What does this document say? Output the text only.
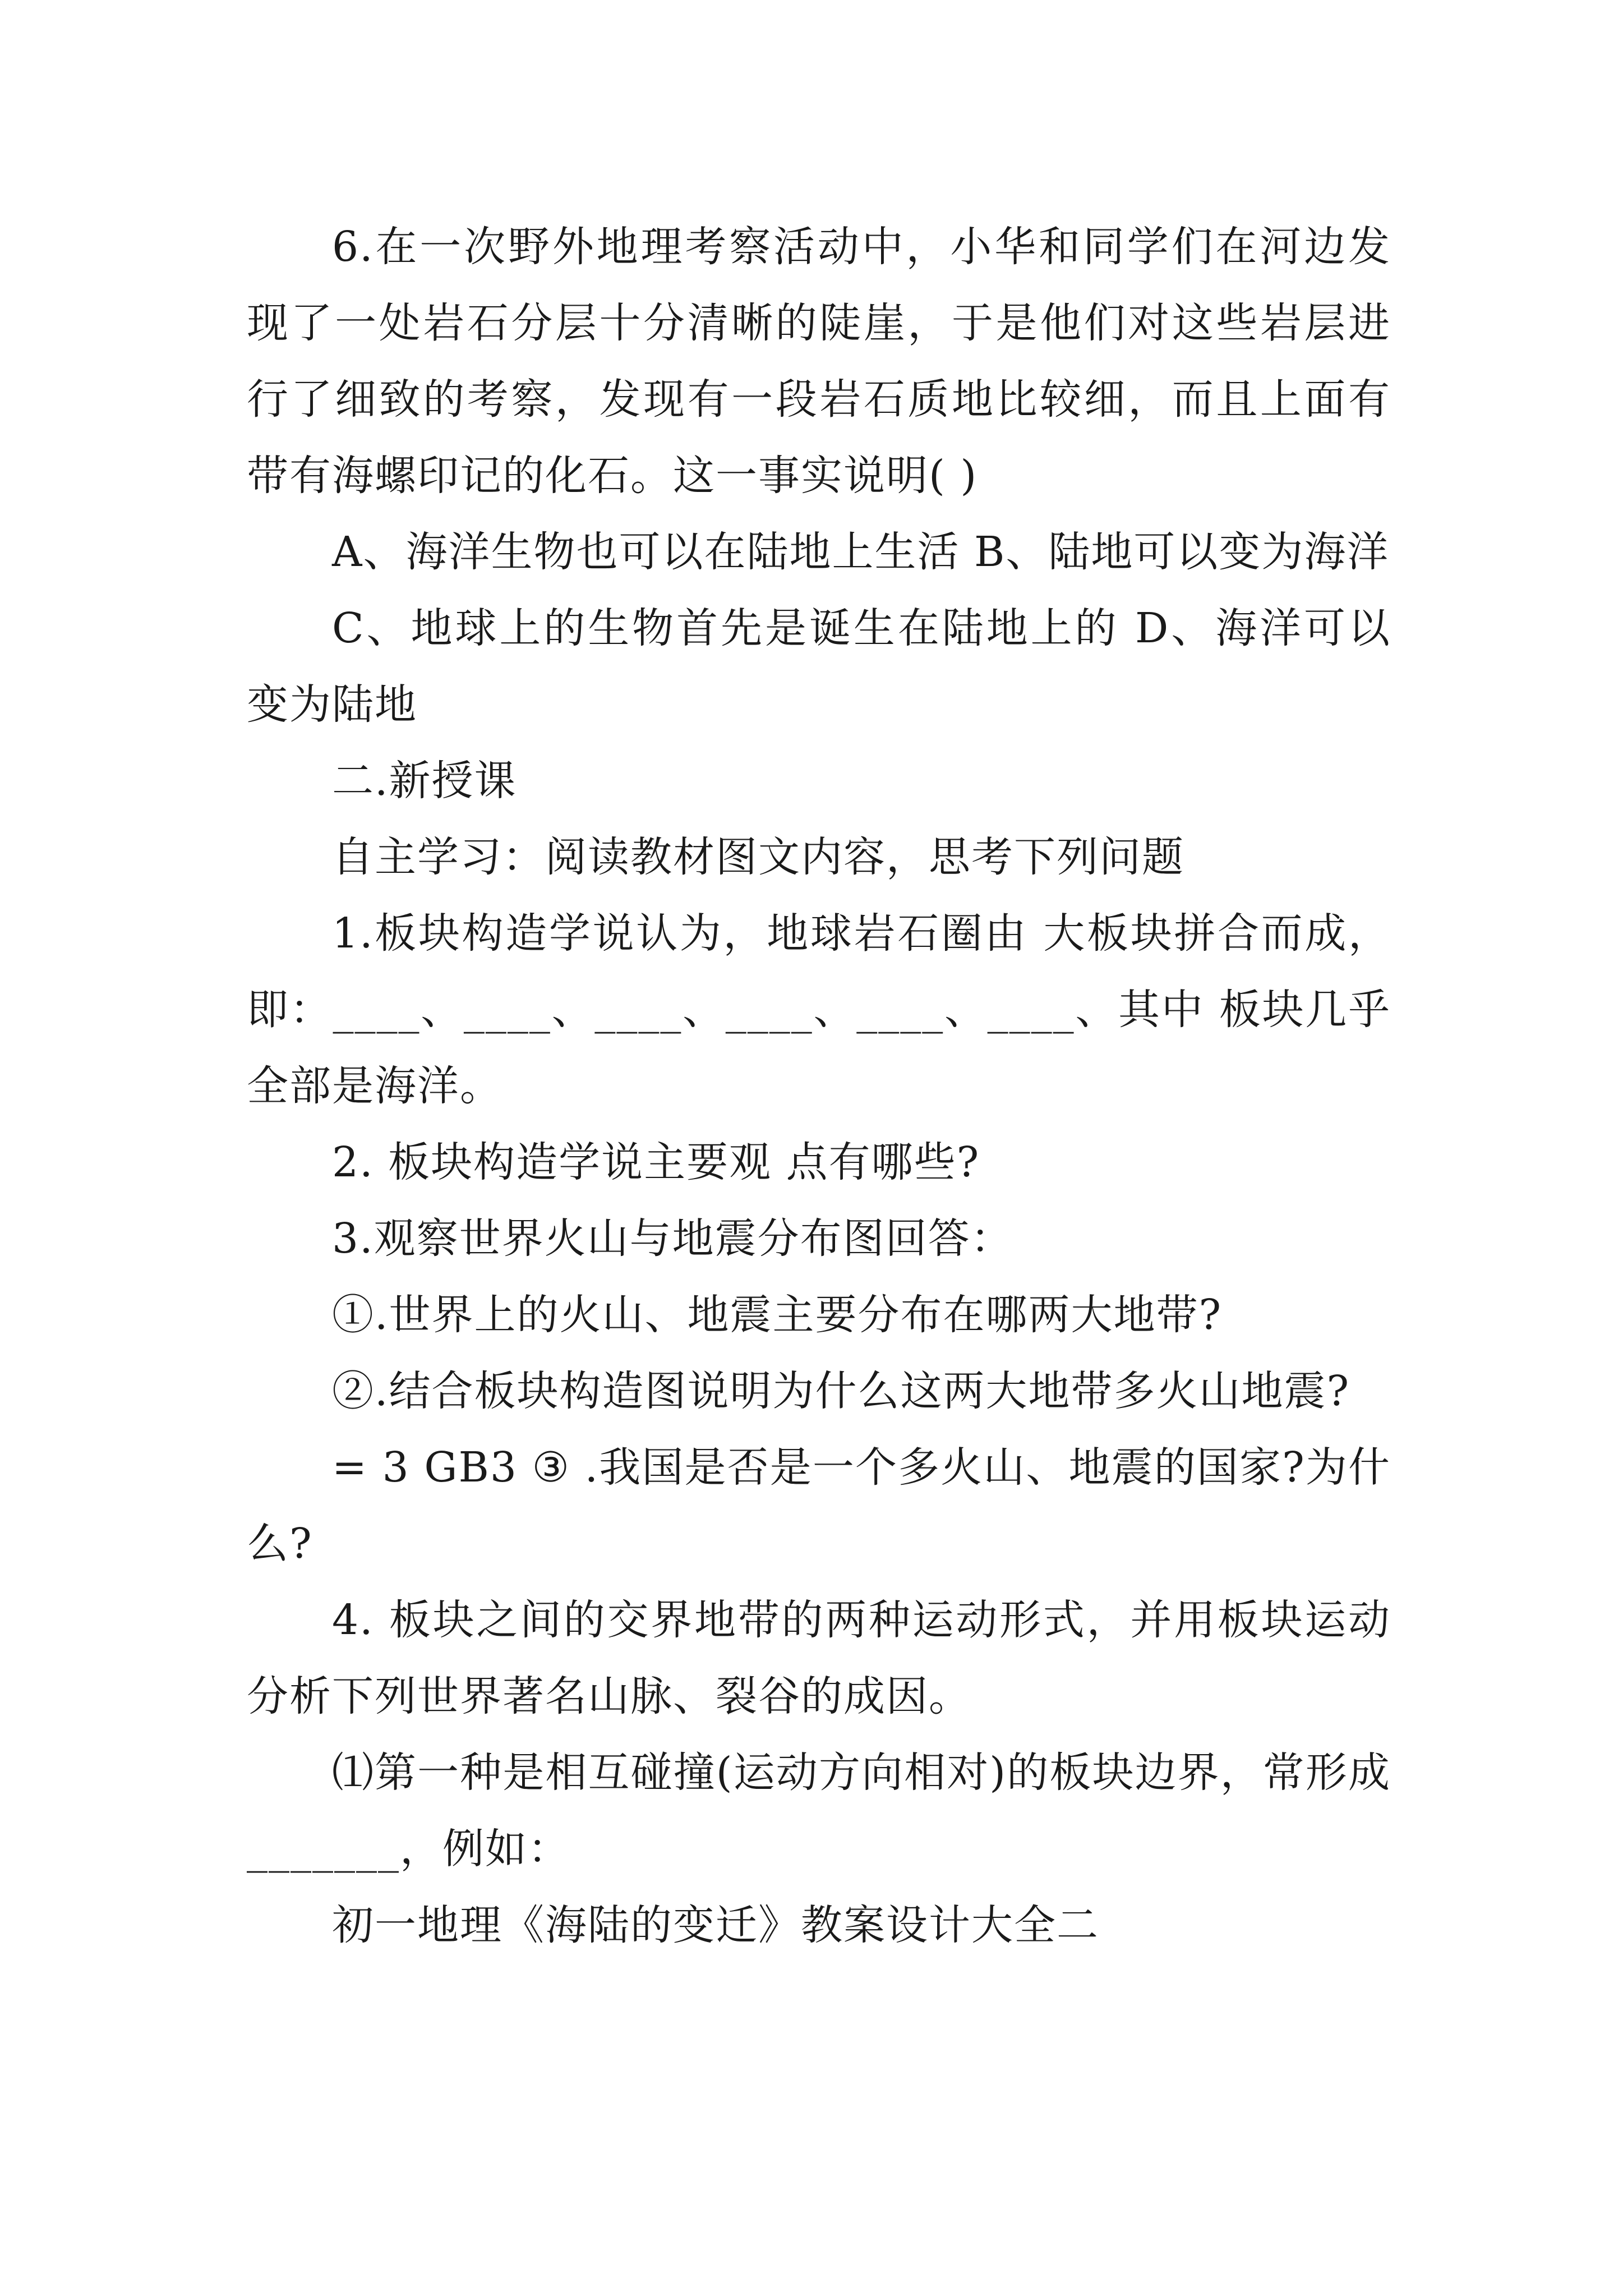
6.在一次野外地理考察活动中，小华和同学们在河边发现了一处岩石分层十分清晰的陡崖，于是他们对这些岩层进行了细致的考察，发现有一段岩石质地比较细，而且上面有带有海螺印记的化石。这一事实说明( )

A、海洋生物也可以在陆地上生活 B、陆地可以变为海洋

C、地球上的生物首先是诞生在陆地上的 D、海洋可以变为陆地

二.新授课

自主学习：阅读教材图文内容，思考下列问题

1.板块构造学说认为，地球岩石圈由 大板块拼合而成，即：____、____、____、____、____、____、其中 板块几乎全部是海洋。

2. 板块构造学说主要观 点有哪些?

3.观察世界火山与地震分布图回答：

①.世界上的火山、地震主要分布在哪两大地带?

②.结合板块构造图说明为什么这两大地带多火山地震?

= 3 GB3 ③ .我国是否是一个多火山、地震的国家?为什么?

4. 板块之间的交界地带的两种运动形式，并用板块运动分析下列世界著名山脉、裂谷的成因。

⑴第一种是相互碰撞(运动方向相对)的板块边界，常形成 _______，例如：

初一地理《海陆的变迁》教案设计大全二
